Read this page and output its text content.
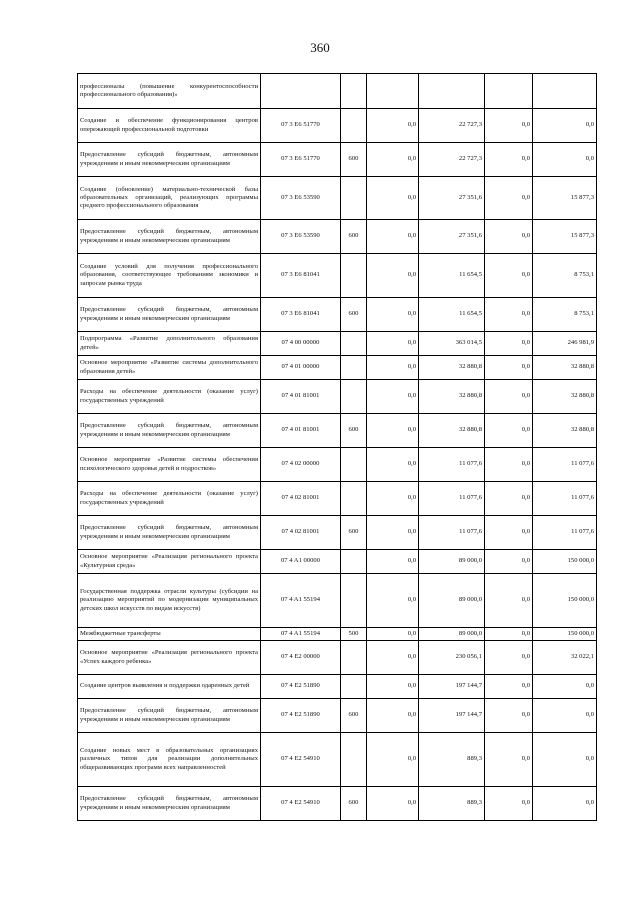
360
профессионалы (повышение конкурентоспособности профессионального образования)»						
Создание и обеспечение функционирования центров опережающей профессиональной подготовки	07 3 E6 51770		0,0	22 727,3	0,0	0,0
Предоставление субсидий бюджетным, автономным учреждениям и иным некоммерческим организациям	07 3 E6 51770	600	0,0	22 727,3	0,0	0,0
Создание (обновление) материально-технической базы образовательных организаций, реализующих программы среднего профессионального образования	07 3 E6 53590		0,0	27 351,6	0,0	15 877,3
Предоставление субсидий бюджетным, автономным учреждениям и иным некоммерческим организациям	07 3 E6 53590	600	0,0	27 351,6	0,0	15 877,3
Создание условий для получения профессионального образования, соответствующее требованиям экономики и запросам рынка труда	07 3 E6 81041		0,0	11 654,5	0,0	8 753,1
Предоставление субсидий бюджетным, автономным учреждениям и иным некоммерческим организациям	07 3 E6 81041	600	0,0	11 654,5	0,0	8 753,1
Подпрограмма «Развитие дополнительного образования детей»	07 4 00 00000		0,0	363 014,5	0,0	246 981,9
Основное мероприятие «Развитие системы дополнительного образования детей»	07 4 01 00000		0,0	32 880,8	0,0	32 880,8
Расходы на обеспечение деятельности (оказание услуг) государственных учреждений	07 4 01 81001		0,0	32 880,8	0,0	32 880,8
Предоставление субсидий бюджетным, автономным учреждениям и иным некоммерческим организациям	07 4 01 81001	600	0,0	32 880,8	0,0	32 880,8
Основное мероприятие «Развитие системы обеспечения психологического здоровья детей и подростков»	07 4 02 00000		0,0	11 077,6	0,0	11 077,6
Расходы на обеспечение деятельности (оказание услуг) государственных учреждений	07 4 02 81001		0,0	11 077,6	0,0	11 077,6
Предоставление субсидий бюджетным, автономным учреждениям и иным некоммерческим организациям	07 4 02 81001	600	0,0	11 077,6	0,0	11 077,6
Основное мероприятие «Реализация регионального проекта «Культурная среда»	07 4 A1 00000		0,0	89 000,0	0,0	150 000,0
Государственная поддержка отрасли культуры (субсидии на реализацию мероприятий по модернизации муниципальных детских школ искусств по видам искусств)	07 4 A1 55194		0,0	89 000,0	0,0	150 000,0
Межбюджетные трансферты	07 4 A1 55194	500	0,0	89 000,0	0,0	150 000,0
Основное мероприятие «Реализация регионального проекта «Успех каждого ребенка»	07 4 E2 00000		0,0	230 056,1	0,0	32 022,1
Создание центров выявления и поддержки одаренных детей	07 4 E2 51890		0,0	197 144,7	0,0	0,0
Предоставление субсидий бюджетным, автономным учреждениям и иным некоммерческим организациям	07 4 E2 51890	600	0,0	197 144,7	0,0	0,0
Создание новых мест в образовательных организациях различных типов для реализации дополнительных общеразвивающих программ всех направленностей	07 4 E2 54910		0,0	889,3	0,0	0,0
Предоставление субсидий бюджетным, автономным учреждениям и иным некоммерческим организациям	07 4 E2 54910	600	0,0	889,3	0,0	0,0
